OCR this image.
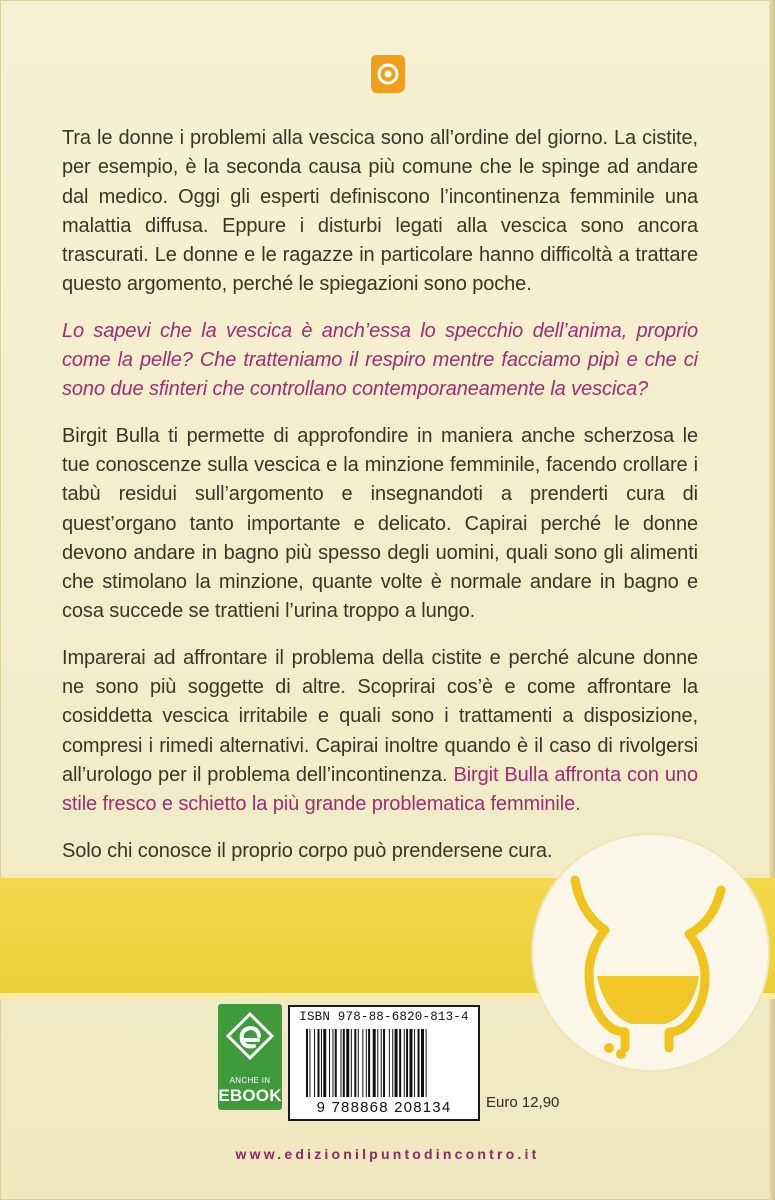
Tra le donne i problemi alla vescica sono all’ordine del giorno. La cistite, per esempio, è la seconda causa più comune che le spinge ad andare dal medico. Oggi gli esperti definiscono l’incontinenza femminile una malattia diffusa. Eppure i disturbi legati alla vescica sono ancora trascurati. Le donne e le ragazze in particolare hanno difficoltà a trattare questo argomento, perché le spiegazioni sono poche.

Lo sapevi che la vescica è anch’essa lo specchio dell’anima, proprio come la pelle? Che tratteniamo il respiro mentre facciamo pipì e che ci sono due sfinteri che controllano contemporaneamente la vescica?

Birgit Bulla ti permette di approfondire in maniera anche scherzosa le tue conoscenze sulla vescica e la minzione femminile, facendo crollare i tabù residui sull’argomento e insegnandoti a prenderti cura di quest’organo tanto importante e delicato. Capirai perché le donne devono andare in bagno più spesso degli uomini, quali sono gli alimenti che stimolano la minzione, quante volte è normale andare in bagno e cosa succede se trattieni l’urina troppo a lungo.

Imparerai ad affrontare il problema della cistite e perché alcune donne ne sono più soggette di altre. Scoprirai cos’è e come affrontare la cosiddetta vescica irritabile e quali sono i trattamenti a disposizione, compresi i rimedi alternativi. Capirai inoltre quando è il caso di rivolgersi all’urologo per il problema dell’incontinenza. Birgit Bulla affronta con uno stile fresco e schietto la più grande problematica femminile.

Solo chi conosce il proprio corpo può prendersene cura.

ANCHE IN
EBOOK
ISBN 978-88-6820-813-4
9 788868 208134	Euro 12,90
www.edizionilpuntodincontro.it
